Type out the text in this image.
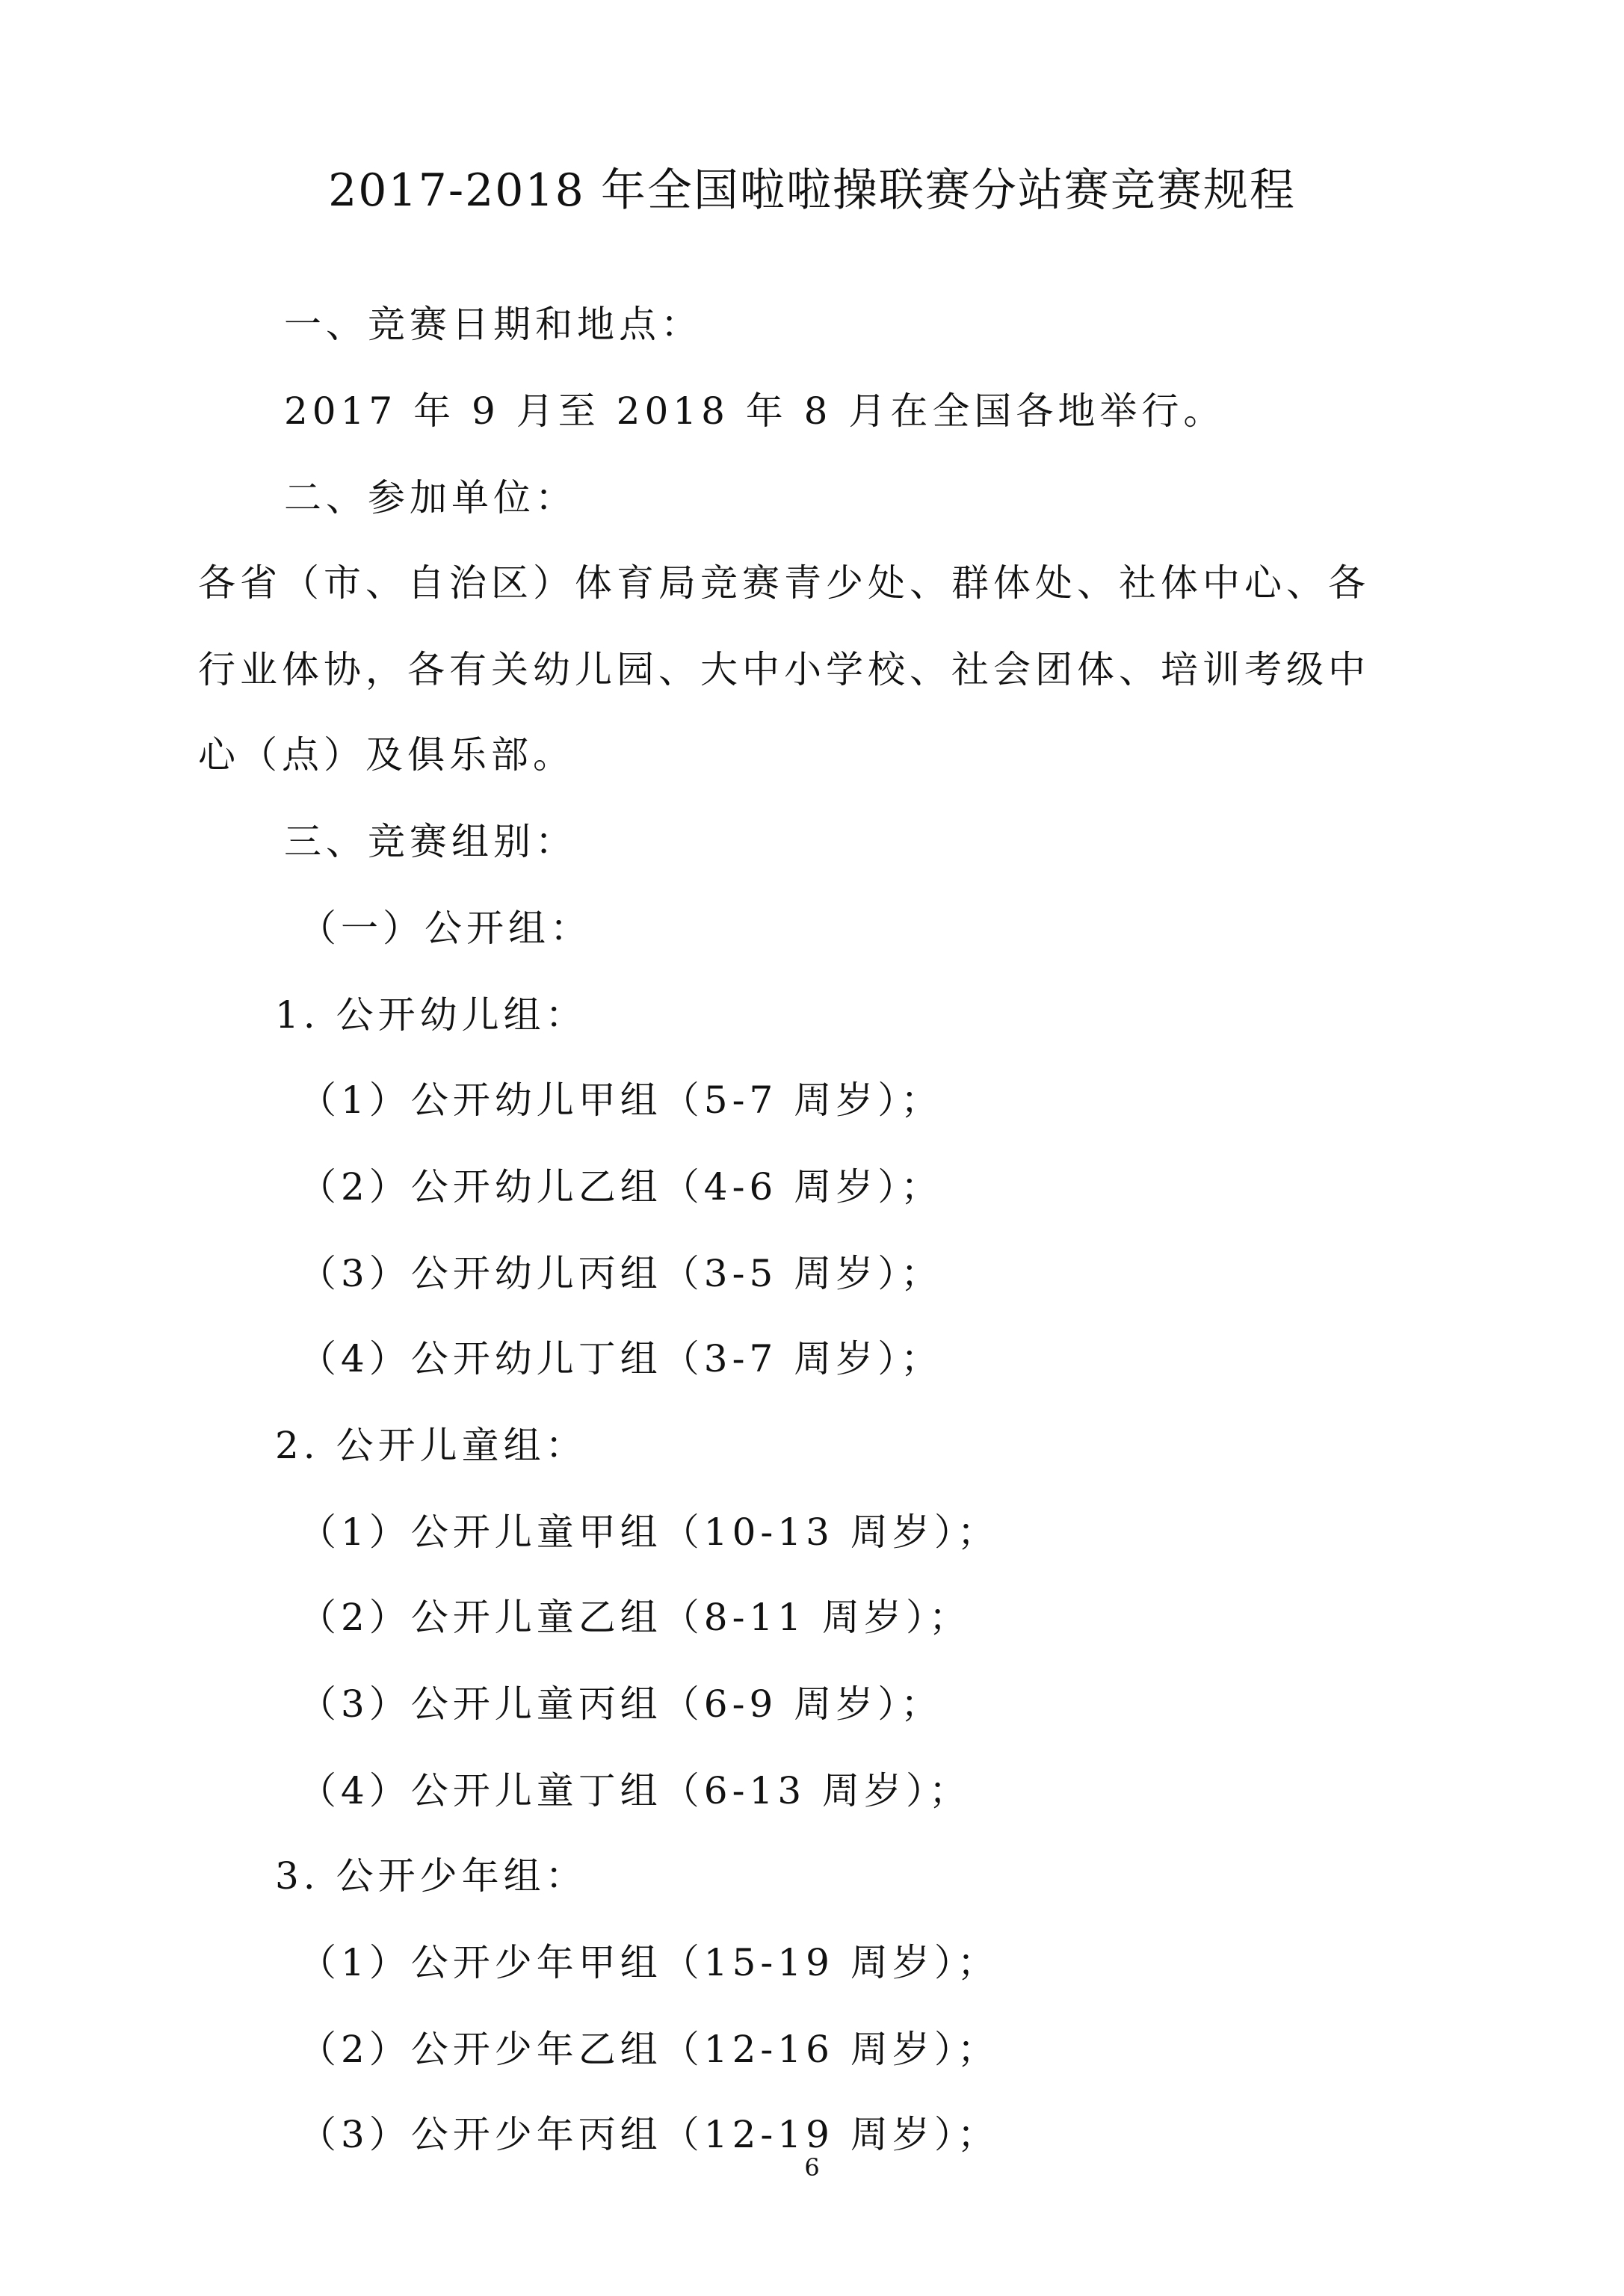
2017-2018 年全国啦啦操联赛分站赛竞赛规程
一、竞赛日期和地点：
2017 年 9 月至 2018 年 8 月在全国各地举行。
二、参加单位：
各省（市、自治区）体育局竞赛青少处、群体处、社体中心、各
行业体协，各有关幼儿园、大中小学校、社会团体、培训考级中
心（点）及俱乐部。
三、竞赛组别：
（一）公开组：
1. 公开幼儿组：
（1）公开幼儿甲组（5-7 周岁）；
（2）公开幼儿乙组（4-6 周岁）；
（3）公开幼儿丙组（3-5 周岁）；
（4）公开幼儿丁组（3-7 周岁）；
2. 公开儿童组：
（1）公开儿童甲组（10-13 周岁）；
（2）公开儿童乙组（8-11 周岁）；
（3）公开儿童丙组（6-9 周岁）；
（4）公开儿童丁组（6-13 周岁）；
3. 公开少年组：
（1）公开少年甲组（15-19 周岁）；
（2）公开少年乙组（12-16 周岁）；
（3）公开少年丙组（12-19 周岁）；
6
